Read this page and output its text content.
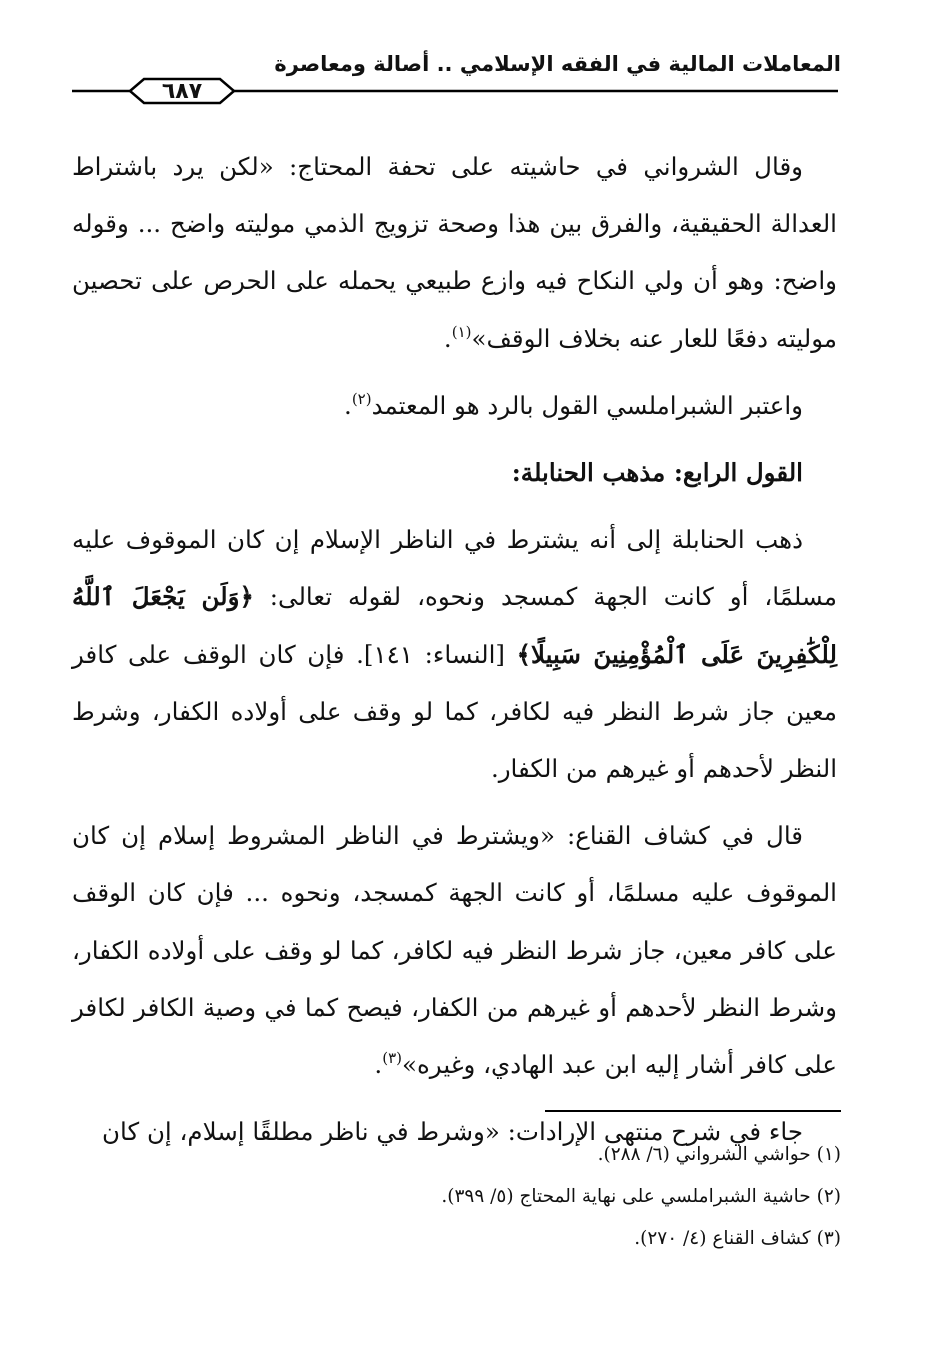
المعاملات المالية في الفقه الإسلامي .. أصالة ومعاصرة
٦٨٧

وقال الشرواني في حاشيته على تحفة المحتاج: «لكن يرد باشتراط العدالة الحقيقية، والفرق بين هذا وصحة تزويج الذمي موليته واضح ... وقوله واضح: وهو أن ولي النكاح فيه وازع طبيعي يحمله على الحرص على تحصين موليته دفعًا للعار عنه بخلاف الوقف»$^{(١)}$.

واعتبر الشبراملسي القول بالرد هو المعتمد$^{(٢)}$.

القول الرابع: مذهب الحنابلة:

ذهب الحنابلة إلى أنه يشترط في الناظر الإسلام إن كان الموقوف عليه مسلمًا، أو كانت الجهة كمسجد ونحوه، لقوله تعالى: ﴿وَلَن يَجْعَلَ ٱللَّهُ لِلْكَٰفِرِينَ عَلَى ٱلْمُؤْمِنِينَ سَبِيلًا﴾ [النساء: ١٤١]. فإن كان الوقف على كافر معين جاز شرط النظر فيه لكافر، كما لو وقف على أولاده الكفار، وشرط النظر لأحدهم أو غيرهم من الكفار.

قال في كشاف القناع: «ويشترط في الناظر المشروط إسلام إن كان الموقوف عليه مسلمًا، أو كانت الجهة كمسجد، ونحوه ... فإن كان الوقف على كافر معين، جاز شرط النظر فيه لكافر، كما لو وقف على أولاده الكفار، وشرط النظر لأحدهم أو غيرهم من الكفار، فيصح كما في وصية الكافر لكافر على كافر أشار إليه ابن عبد الهادي، وغيره»$^{(٣)}$.

جاء في شرح منتهى الإرادات: «وشرط في ناظر مطلقًا إسلام، إن كان

(١) حواشي الشرواني (٦/ ٢٨٨).
(٢) حاشية الشبراملسي على نهاية المحتاج (٥/ ٣٩٩).
(٣) كشاف القناع (٤/ ٢٧٠).
